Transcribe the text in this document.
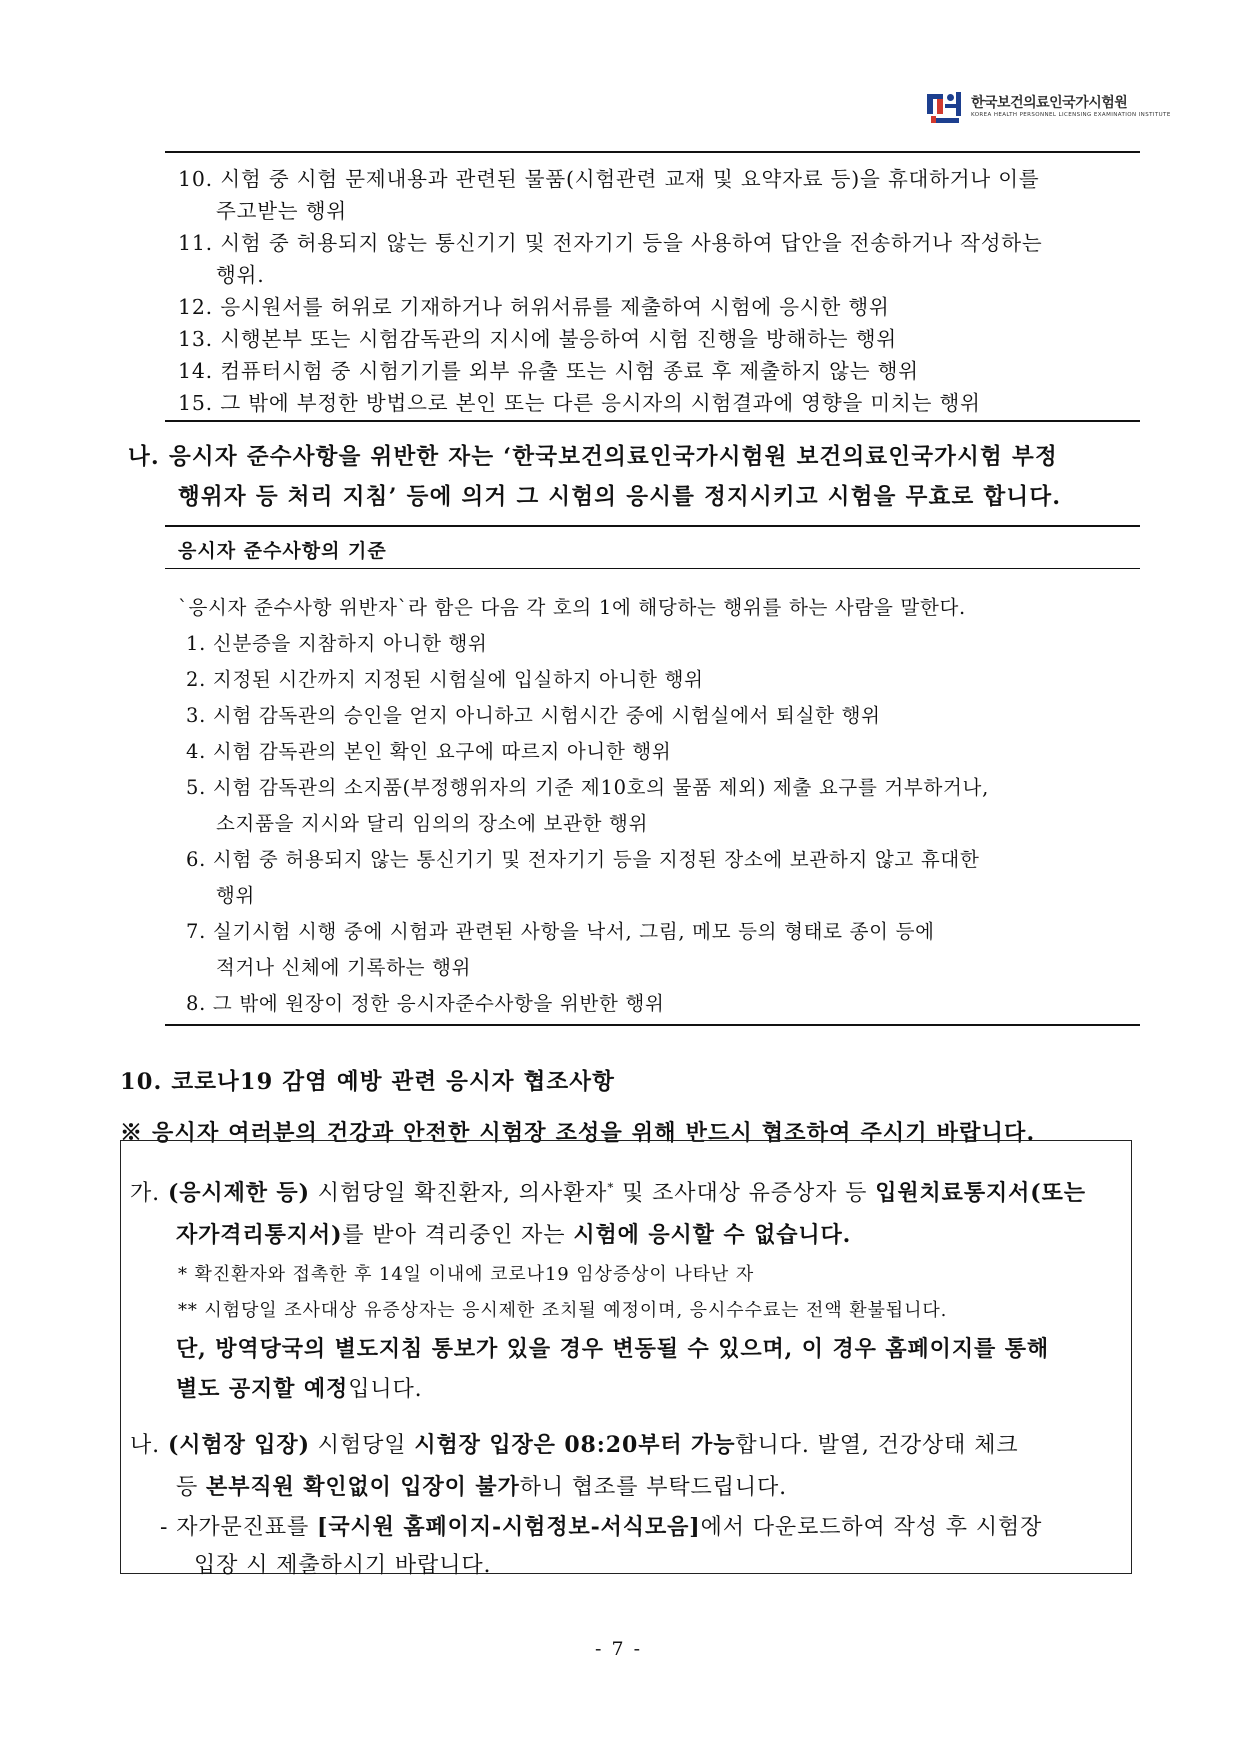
한국보건의료인국가시험원
KOREA HEALTH PERSONNEL LICENSING EXAMINATION INSTITUTE
10. 시험 중 시험 문제내용과 관련된 물품(시험관련 교재 및 요약자료 등)을 휴대하거나 이를
주고받는 행위
11. 시험 중 허용되지 않는 통신기기 및 전자기기 등을 사용하여 답안을 전송하거나 작성하는
행위.
12. 응시원서를 허위로 기재하거나 허위서류를 제출하여 시험에 응시한 행위
13. 시행본부 또는 시험감독관의 지시에 불응하여 시험 진행을 방해하는 행위
14. 컴퓨터시험 중 시험기기를 외부 유출 또는 시험 종료 후 제출하지 않는 행위
15. 그 밖에 부정한 방법으로 본인 또는 다른 응시자의 시험결과에 영향을 미치는 행위
나. 응시자 준수사항을 위반한 자는 ‘한국보건의료인국가시험원 보건의료인국가시험 부정
행위자 등 처리 지침’ 등에 의거 그 시험의 응시를 정지시키고 시험을 무효로 합니다.
응시자 준수사항의 기준
`응시자 준수사항 위반자`라 함은 다음 각 호의 1에 해당하는 행위를 하는 사람을 말한다.
1. 신분증을 지참하지 아니한 행위
2. 지정된 시간까지 지정된 시험실에 입실하지 아니한 행위
3. 시험 감독관의 승인을 얻지 아니하고 시험시간 중에 시험실에서 퇴실한 행위
4. 시험 감독관의 본인 확인 요구에 따르지 아니한 행위
5. 시험 감독관의 소지품(부정행위자의 기준 제10호의 물품 제외) 제출 요구를 거부하거나,
소지품을 지시와 달리 임의의 장소에 보관한 행위
6. 시험 중 허용되지 않는 통신기기 및 전자기기 등을 지정된 장소에 보관하지 않고 휴대한
행위
7. 실기시험 시행 중에 시험과 관련된 사항을 낙서, 그림, 메모 등의 형태로 종이 등에
적거나 신체에 기록하는 행위
8. 그 밖에 원장이 정한 응시자준수사항을 위반한 행위
10. 코로나19 감염 예방 관련 응시자 협조사항
※ 응시자 여러분의 건강과 안전한 시험장 조성을 위해 반드시 협조하여 주시기 바랍니다.
가. (응시제한 등) 시험당일 확진환자, 의사환자* 및 조사대상 유증상자 등 입원치료통지서(또는
자가격리통지서)를 받아 격리중인 자는 시험에 응시할 수 없습니다.
* 확진환자와 접촉한 후 14일 이내에 코로나19 임상증상이 나타난 자
** 시험당일 조사대상 유증상자는 응시제한 조치될 예정이며, 응시수수료는 전액 환불됩니다.
단, 방역당국의 별도지침 통보가 있을 경우 변동될 수 있으며, 이 경우 홈페이지를 통해
별도 공지할 예정입니다.
나. (시험장 입장) 시험당일 시험장 입장은 08:20부터 가능합니다. 발열, 건강상태 체크
등 본부직원 확인없이 입장이 불가하니 협조를 부탁드립니다.
- 자가문진표를 [국시원 홈페이지-시험정보-서식모음]에서 다운로드하여 작성 후 시험장
입장 시 제출하시기 바랍니다.
- 7 -
